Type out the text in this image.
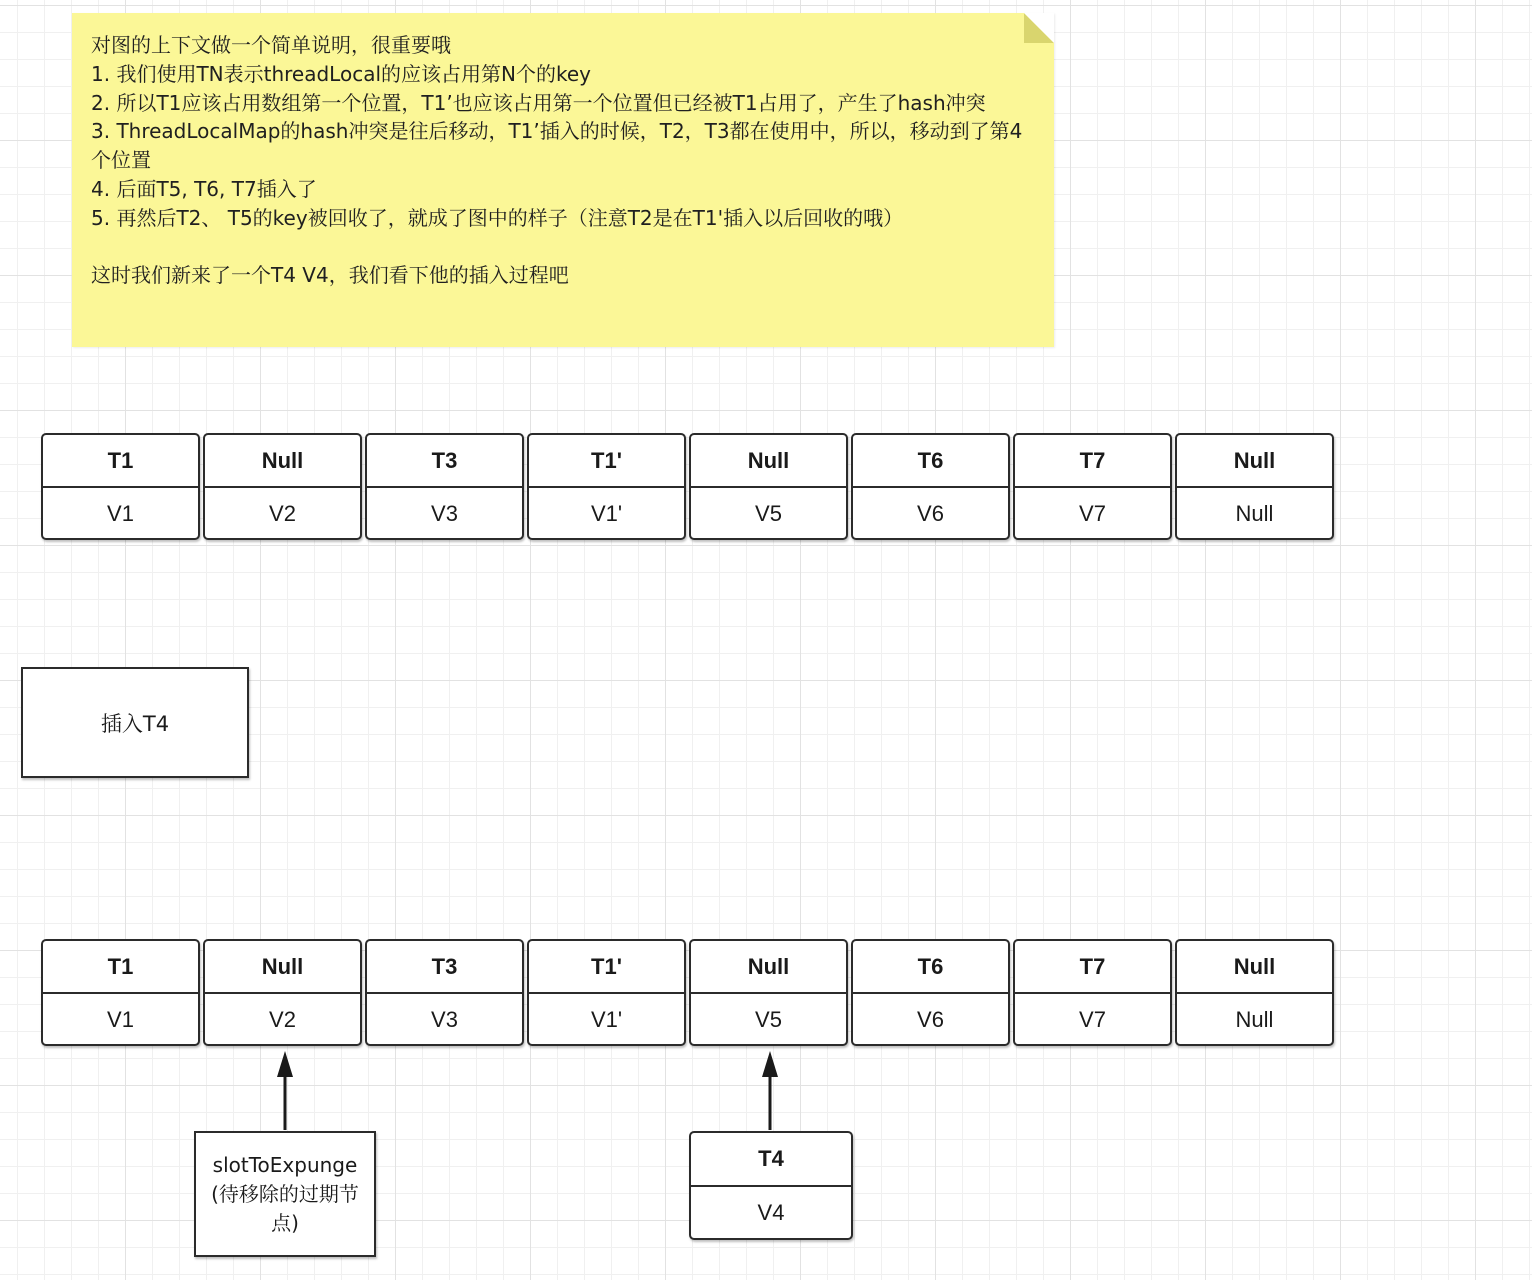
对图的上下文做一个简单说明，很重要哦
1. 我们使用TN表示threadLocal的应该占用第N个的key
2. 所以T1应该占用数组第一个位置，T1’也应该占用第一个位置但已经被T1占用了，产生了hash冲突
3. ThreadLocalMap的hash冲突是往后移动，T1’插入的时候，T2，T3都在使用中，所以，移动到了第4个位置
4. 后面T5, T6, T7插入了
5. 再然后T2、 T5的key被回收了，就成了图中的样子（注意T2是在T1'插入以后回收的哦）
这时我们新来了一个T4 V4，我们看下他的插入过程吧
T1
V1
Null
V2
T3
V3
T1'
V1'
Null
V5
T6
V6
T7
V7
Null
Null
插入T4
T1
V1
Null
V2
T3
V3
T1'
V1'
Null
V5
T6
V6
T7
V7
Null
Null
slotToExpunge(待移除的过期节点)
T4
V4
